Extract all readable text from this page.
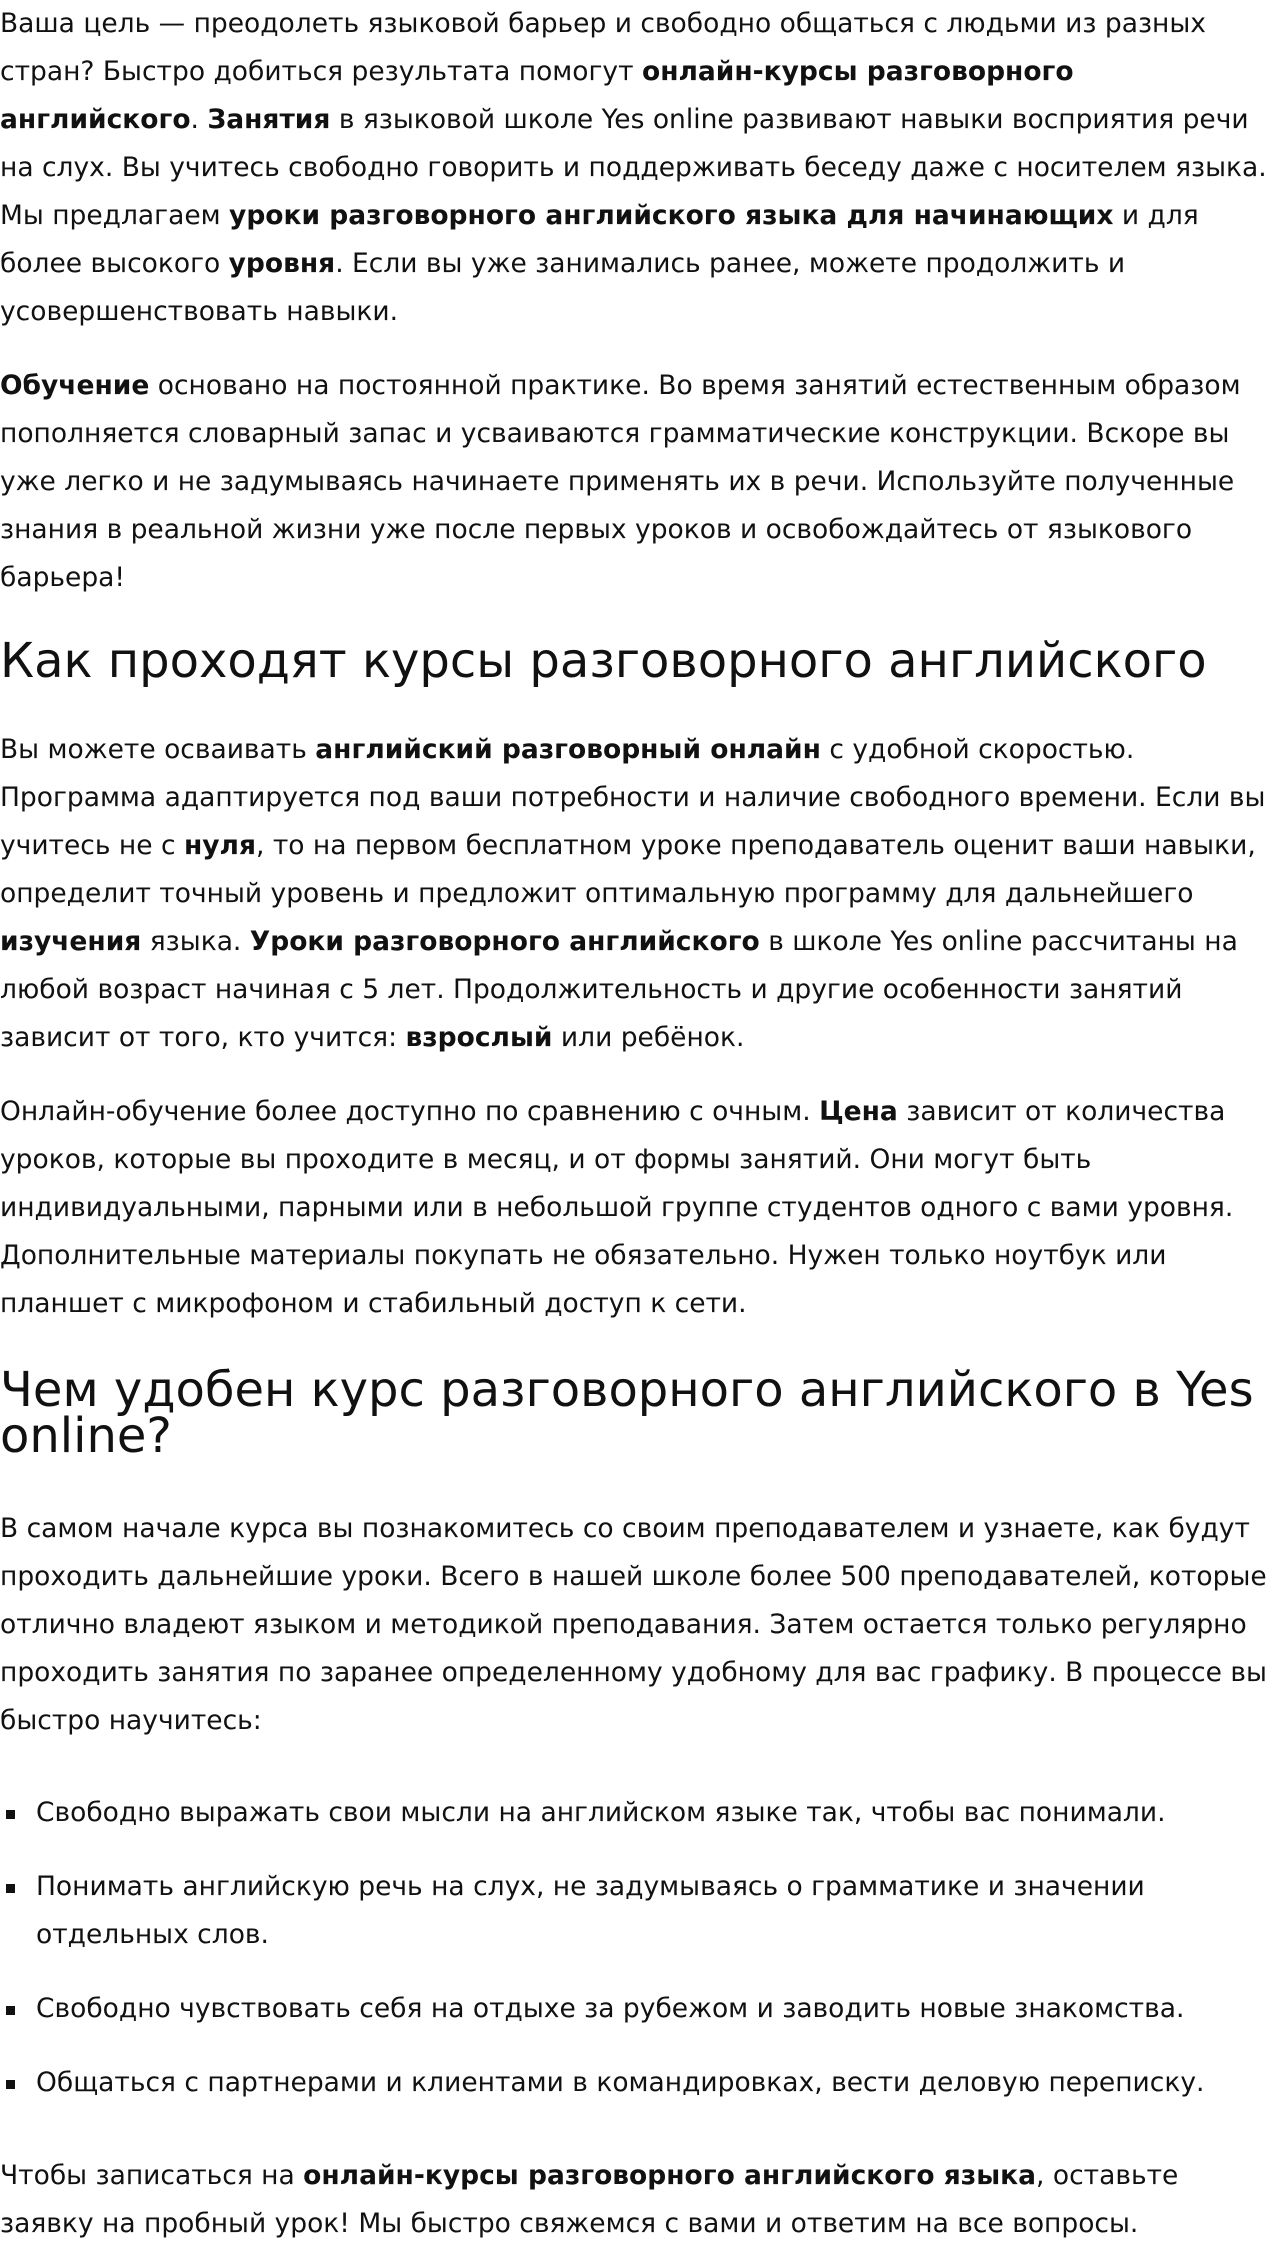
Ваша цель — преодолеть языковой барьер и свободно общаться с людьми из разных стран? Быстро добиться результата помогут онлайн-курсы разговорного английского. Занятия в языковой школе Yes online развивают навыки восприятия речи на слух. Вы учитесь свободно говорить и поддерживать беседу даже с носителем языка. Мы предлагаем уроки разговорного английского языка для начинающих и для более высокого уровня. Если вы уже занимались ранее, можете продолжить и усовершенствовать навыки.

Обучение основано на постоянной практике. Во время занятий естественным образом пополняется словарный запас и усваиваются грамматические конструкции. Вскоре вы уже легко и не задумываясь начинаете применять их в речи. Используйте полученные знания в реальной жизни уже после первых уроков и освобождайтесь от языкового барьера!

Как проходят курсы разговорного английского

Вы можете осваивать английский разговорный онлайн с удобной скоростью. Программа адаптируется под ваши потребности и наличие свободного времени. Если вы учитесь не с нуля, то на первом бесплатном уроке преподаватель оценит ваши навыки, определит точный уровень и предложит оптимальную программу для дальнейшего изучения языка. Уроки разговорного английского в школе Yes online рассчитаны на любой возраст начиная с 5 лет. Продолжительность и другие особенности занятий зависит от того, кто учится: взрослый или ребёнок.

Онлайн-обучение более доступно по сравнению с очным. Цена зависит от количества уроков, которые вы проходите в месяц, и от формы занятий. Они могут быть индивидуальными, парными или в небольшой группе студентов одного с вами уровня. Дополнительные материалы покупать не обязательно. Нужен только ноутбук или планшет с микрофоном и стабильный доступ к сети.

Чем удобен курс разговорного английского в Yes online?

В самом начале курса вы познакомитесь со своим преподавателем и узнаете, как будут проходить дальнейшие уроки. Всего в нашей школе более 500 преподавателей, которые отлично владеют языком и методикой преподавания. Затем остается только регулярно проходить занятия по заранее определенному удобному для вас графику. В процессе вы быстро научитесь:

Свободно выражать свои мысли на английском языке так, чтобы вас понимали.
Понимать английскую речь на слух, не задумываясь о грамматике и значении отдельных слов.
Свободно чувствовать себя на отдыхе за рубежом и заводить новые знакомства.
Общаться с партнерами и клиентами в командировках, вести деловую переписку.

Чтобы записаться на онлайн-курсы разговорного английского языка, оставьте заявку на пробный урок! Мы быстро свяжемся с вами и ответим на все вопросы.
